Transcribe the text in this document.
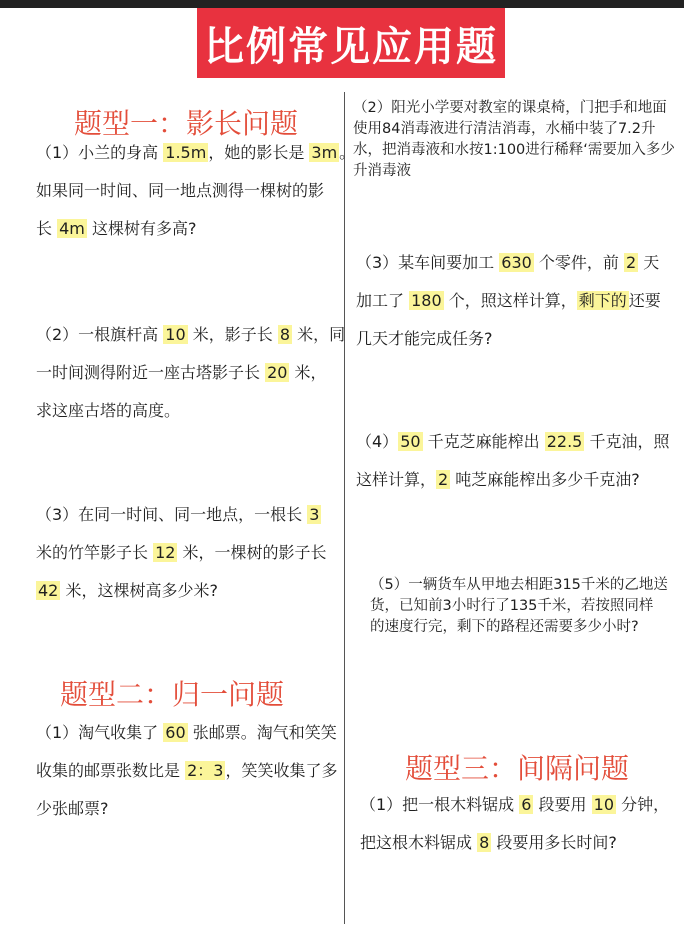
比例常见应用题
题型一：影长问题
（1）小兰的身高 1.5m ，她的影长是 3m 。
如果同一时间、同一地点测得一棵树的影
长 4m 这棵树有多高?
（2）一根旗杆高 10 米，影子长 8 米，同
一时间测得附近一座古塔影子长 20 米，
求这座古塔的高度。
（3）在同一时间、同一地点，一根长 3
米的竹竿影子长 12 米，一棵树的影子长
42 米，这棵树高多少米?
题型二：归一问题
（1）淘气收集了 60 张邮票。淘气和笑笑
收集的邮票张数比是 2：3 ，笑笑收集了多
少张邮票?
（2）阳光小学要对教室的课桌椅，门把手和地面
使用84消毒液进行清洁消毒，水桶中装了7.2升
水，把消毒液和水按1:100进行稀释‘需要加入多少
升消毒液
（3）某车间要加工 630 个零件，前 2 天
加工了 180 个，照这样计算， 剩下的 还要
几天才能完成任务?
（4） 50 千克芝麻能榨出 22.5 千克油，照
这样计算， 2 吨芝麻能榨出多少千克油?
（5）一辆货车从甲地去相距315千米的乙地送
货，已知前3小时行了135千米，若按照同样
的速度行完，剩下的路程还需要多少小时?
题型三：间隔问题
（1）把一根木料锯成 6 段要用 10 分钟，
把这根木料锯成 8 段要用多长时间?
